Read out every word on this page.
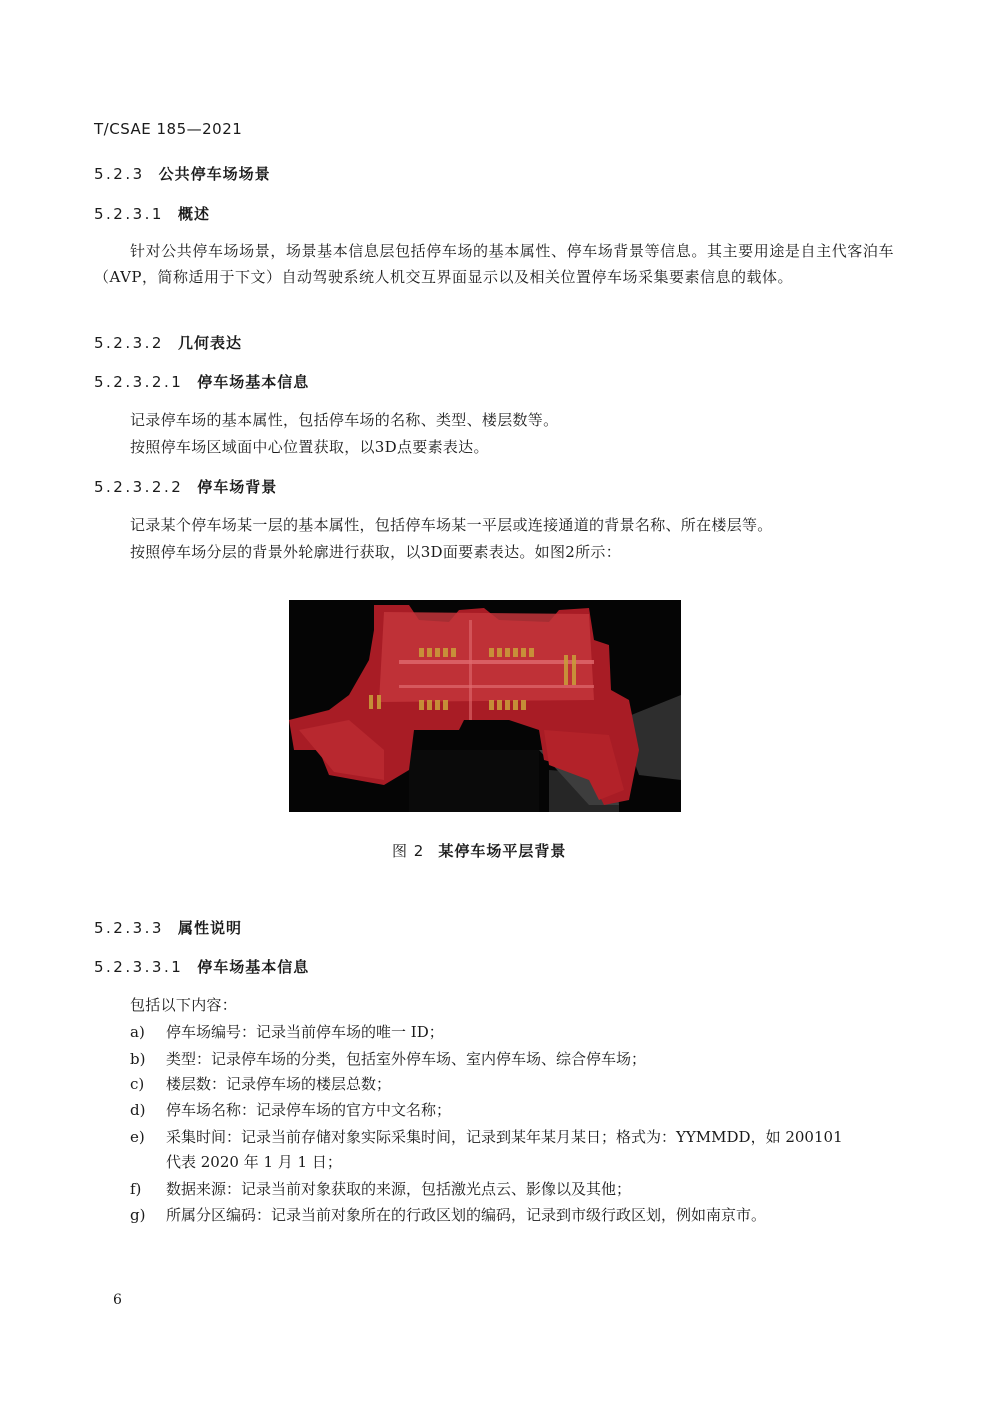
T/CSAE 185—2021
5.2.3 公共停车场场景
5.2.3.1 概述
针对公共停车场场景，场景基本信息层包括停车场的基本属性、停车场背景等信息。其主要用途是自主代客泊车（AVP，简称适用于下文）自动驾驶系统人机交互界面显示以及相关位置停车场采集要素信息的载体。
5.2.3.2 几何表达
5.2.3.2.1 停车场基本信息
记录停车场的基本属性，包括停车场的名称、类型、楼层数等。
按照停车场区域面中心位置获取，以3D点要素表达。
5.2.3.2.2 停车场背景
记录某个停车场某一层的基本属性，包括停车场某一平层或连接通道的背景名称、所在楼层等。
按照停车场分层的背景外轮廓进行获取，以3D面要素表达。如图2所示：
图 2 某停车场平层背景
5.2.3.3 属性说明
5.2.3.3.1 停车场基本信息
包括以下内容：
a) 停车场编号：记录当前停车场的唯一 ID；
b) 类型：记录停车场的分类，包括室外停车场、室内停车场、综合停车场；
c) 楼层数：记录停车场的楼层总数；
d) 停车场名称：记录停车场的官方中文名称；
e) 采集时间：记录当前存储对象实际采集时间，记录到某年某月某日；格式为：YYMMDD，如 200101
代表 2020 年 1 月 1 日；
f) 数据来源：记录当前对象获取的来源，包括激光点云、影像以及其他；
g) 所属分区编码：记录当前对象所在的行政区划的编码，记录到市级行政区划，例如南京市。
6
